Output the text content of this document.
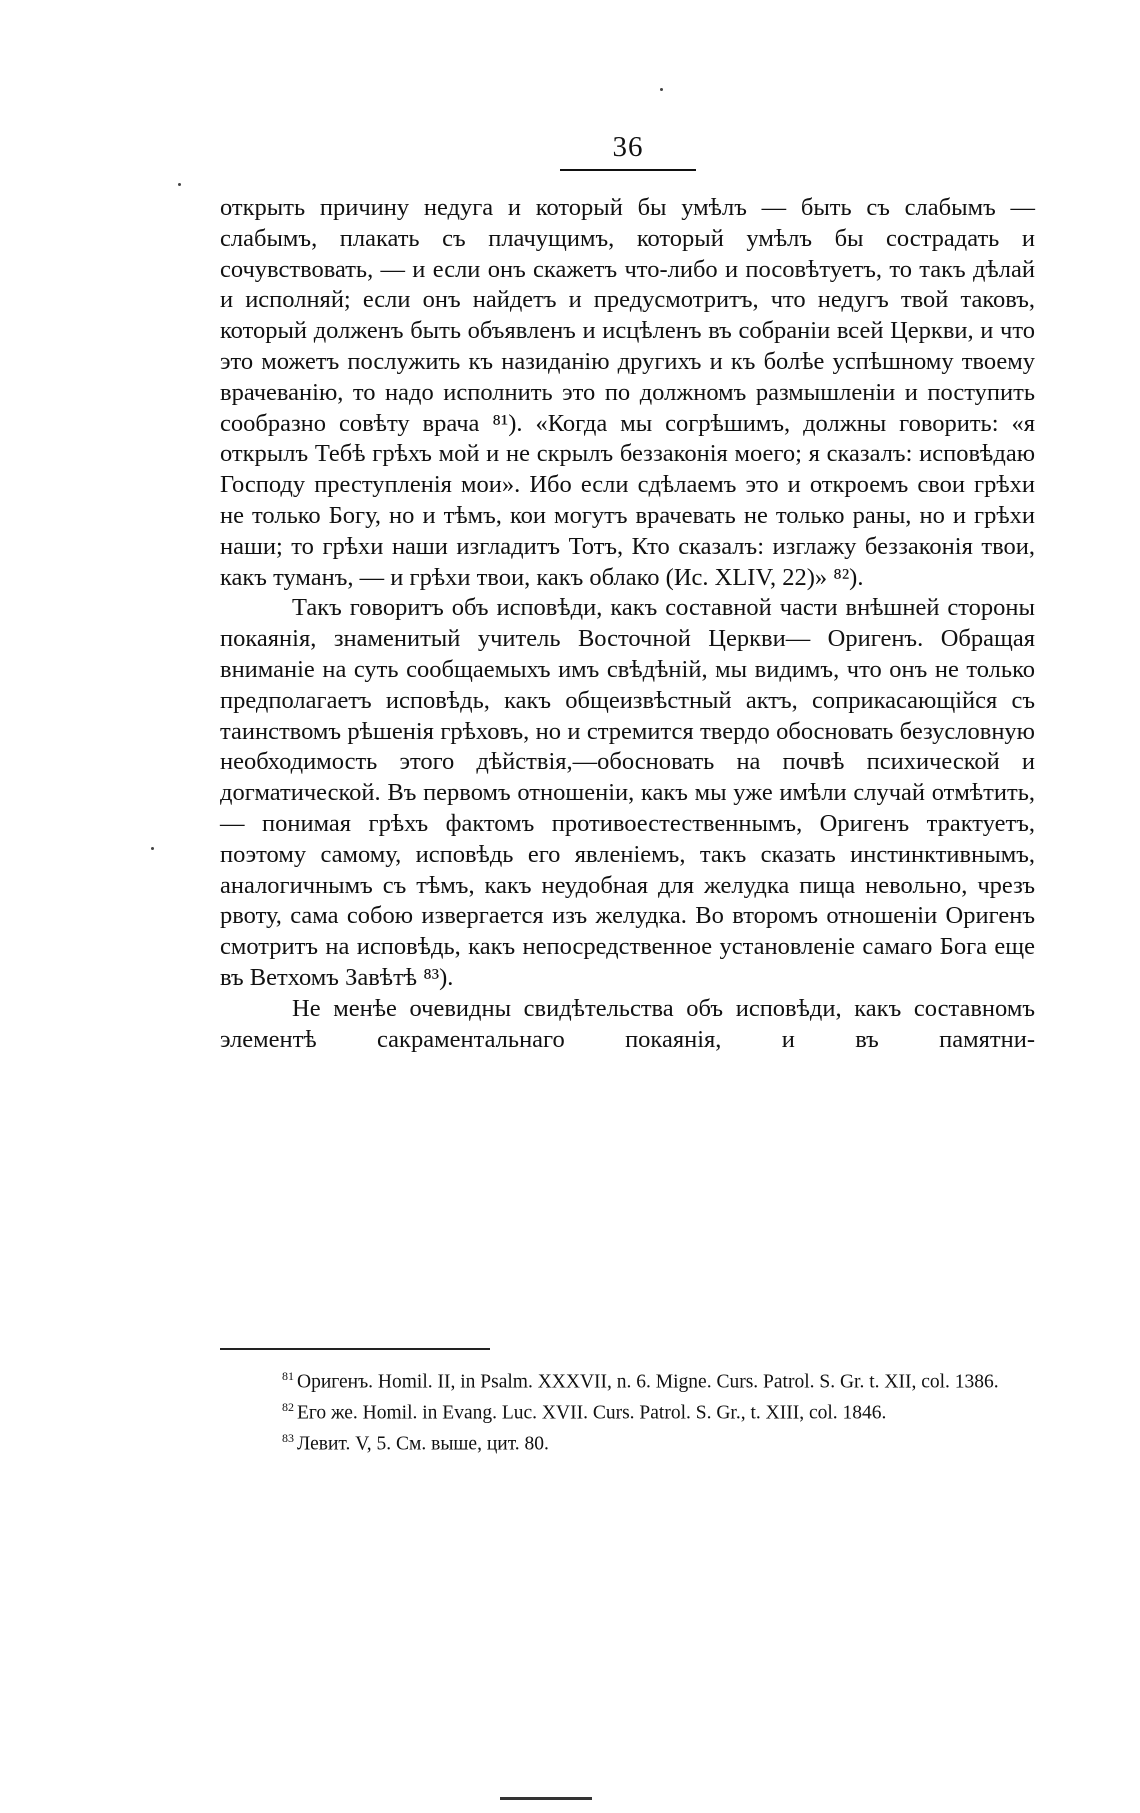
36

открыть причину недуга и который бы умѣлъ — быть съ слабымъ — слабымъ, плакать съ плачущимъ, который умѣлъ бы сострадать и сочувствовать, — и если онъ скажетъ что-либо и посовѣтуетъ, то такъ дѣлай и исполняй; если онъ найдетъ и предусмотритъ, что недугъ твой таковъ, который долженъ быть объявленъ и исцѣленъ въ собраніи всей Церкви, и что это можетъ послужить къ назиданію другихъ и къ болѣе успѣшному твоему врачеванію, то надо исполнить это по должномъ размышленіи и поступить сообразно совѣту врача ⁸¹). «Когда мы согрѣшимъ, должны говорить: «я открылъ Тебѣ грѣхъ мой и не скрылъ беззаконія моего; я сказалъ: исповѣдаю Господу преступленія мои». Ибо если сдѣлаемъ это и откроемъ свои грѣхи не только Богу, но и тѣмъ, кои могутъ врачевать не только раны, но и грѣхи наши; то грѣхи наши изгладитъ Тотъ, Кто сказалъ: изглажу беззаконія твои, какъ туманъ, — и грѣхи твои, какъ облако (Ис. XLIV, 22)» ⁸²).

Такъ говоритъ объ исповѣди, какъ составной части внѣшней стороны покаянія, знаменитый учитель Восточной Церкви— Оригенъ. Обращая вниманіе на суть сообщаемыхъ имъ свѣдѣній, мы видимъ, что онъ не только предполагаетъ исповѣдь, какъ общеизвѣстный актъ, соприкасающійся съ таинствомъ рѣшенія грѣховъ, но и стремится твердо обосновать безусловную необходимость этого дѣйствія,—обосновать на почвѣ психической и догматической. Въ первомъ отношеніи, какъ мы уже имѣли случай отмѣтить, — понимая грѣхъ фактомъ противоестественнымъ, Оригенъ трактуетъ, поэтому самому, исповѣдь его явленіемъ, такъ сказать инстинктивнымъ, аналогичнымъ съ тѣмъ, какъ неудобная для желудка пища невольно, чрезъ рвоту, сама собою извергается изъ желудка. Во второмъ отношеніи Оригенъ смотритъ на исповѣдь, какъ непосредственное установленіе самаго Бога еще въ Ветхомъ Завѣтѣ ⁸³).

Не менѣе очевидны свидѣтельства объ исповѣди, какъ составномъ элементѣ сакраментальнаго покаянія, и въ памятни-

$^{81}$ Оригенъ. Homil. II, in Psalm. XXXVII, n. 6. Migne. Curs. Patrol. S. Gr. t. XII, col. 1386.

$^{82}$ Его же. Homil. in Evang. Luc. XVII. Curs. Patrol. S. Gr., t. XIII, col. 1846.

$^{83}$ Левит. V, 5. См. выше, цит. 80.
